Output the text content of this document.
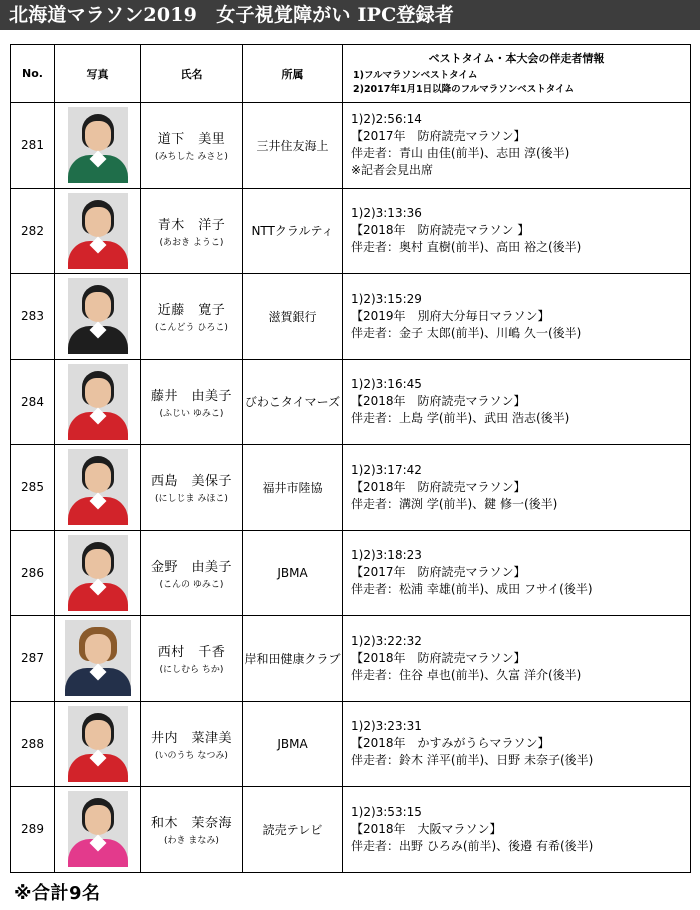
北海道マラソン2019　女子視覚障がい IPC登録者
No.	写真	氏名	所属	ベストタイム・本大会の伴走者情報
1)フルマラソンベストタイム
2)2017年1月1日以降のフルマラソンベストタイム

281		道下　美里
(みちした みさと)	三井住友海上	1)2)2:56:14
【2017年　防府読売マラソン】
伴走者：青山 由佳(前半)、志田 淳(後半)
※記者会見出席

282		青木　洋子
(あおき ようこ)	NTTクラルティ	1)2)3:13:36
【2018年　防府読売マラソン 】
伴走者：奥村 直樹(前半)、高田 裕之(後半)

283		近藤　寛子
(こんどう ひろこ)	滋賀銀行	1)2)3:15:29
【2019年　別府大分毎日マラソン】
伴走者：金子 太郎(前半)、川嶋 久一(後半)

284		藤井　由美子
(ふじい ゆみこ)	びわこタイマーズ	1)2)3:16:45
【2018年　防府読売マラソン】
伴走者：上島 学(前半)、武田 浩志(後半)

285		西島　美保子
(にしじま みほこ)	福井市陸協	1)2)3:17:42
【2018年　防府読売マラソン】
伴走者：溝渕 学(前半)、鍵 修一(後半)

286		金野　由美子
(こんの ゆみこ)	JBMA	1)2)3:18:23
【2017年　防府読売マラソン】
伴走者：松浦 幸雄(前半)、成田 フサイ(後半)

287		西村　千香
(にしむら ちか)	岸和田健康クラブ	1)2)3:22:32
【2018年　防府読売マラソン】
伴走者：住谷 卓也(前半)、久富 洋介(後半)

288		井内　菜津美
(いのうち なつみ)	JBMA	1)2)3:23:31
【2018年　かすみがうらマラソン】
伴走者：鈴木 洋平(前半)、日野 未奈子(後半)

289		和木　茉奈海
(わき まなみ)	読売テレビ	1)2)3:53:15
【2018年　大阪マラソン】
伴走者：出野 ひろみ(前半)、後邉 有希(後半)
※合計9名
